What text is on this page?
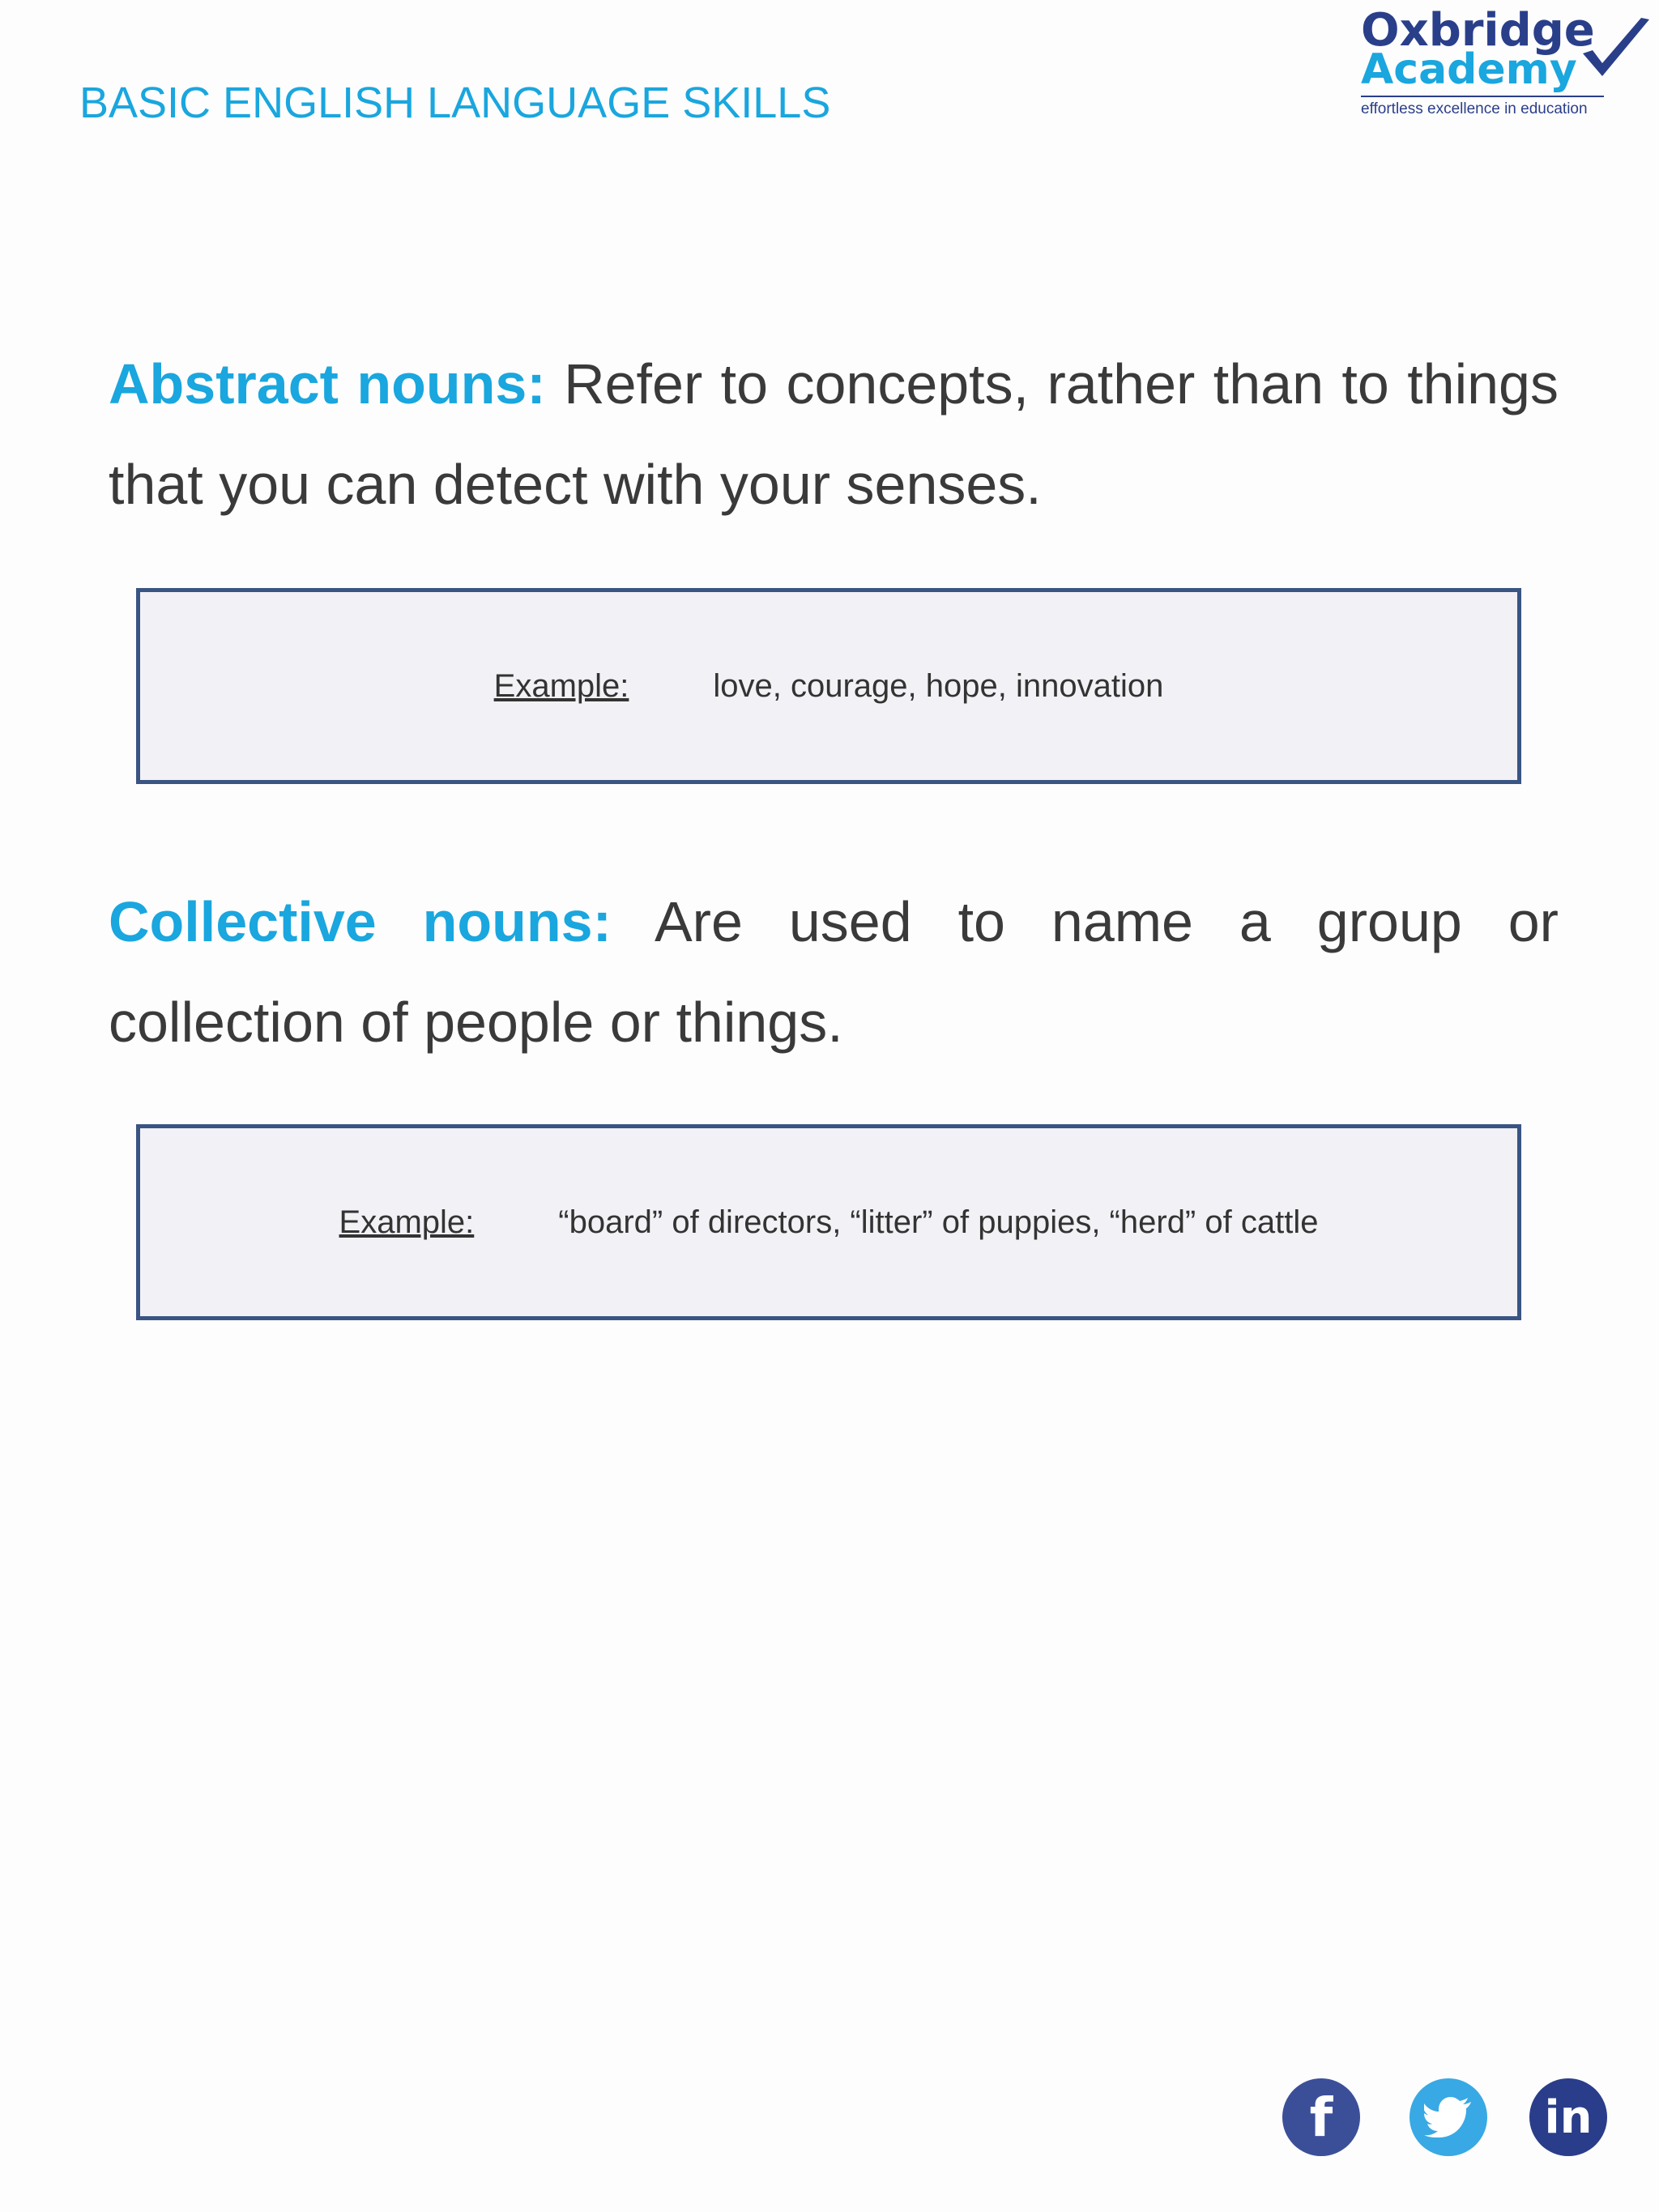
BASIC ENGLISH LANGUAGE SKILLS
Oxbridge
Academy
effortless excellence in education
Abstract nouns: Refer to concepts, rather than to things that you can detect with your senses.
Example:	love, courage, hope, innovation
Collective nouns: Are used to name a group or collection of people or things.
Example:	“board” of directors, “litter” of puppies, “herd” of cattle
f	in
